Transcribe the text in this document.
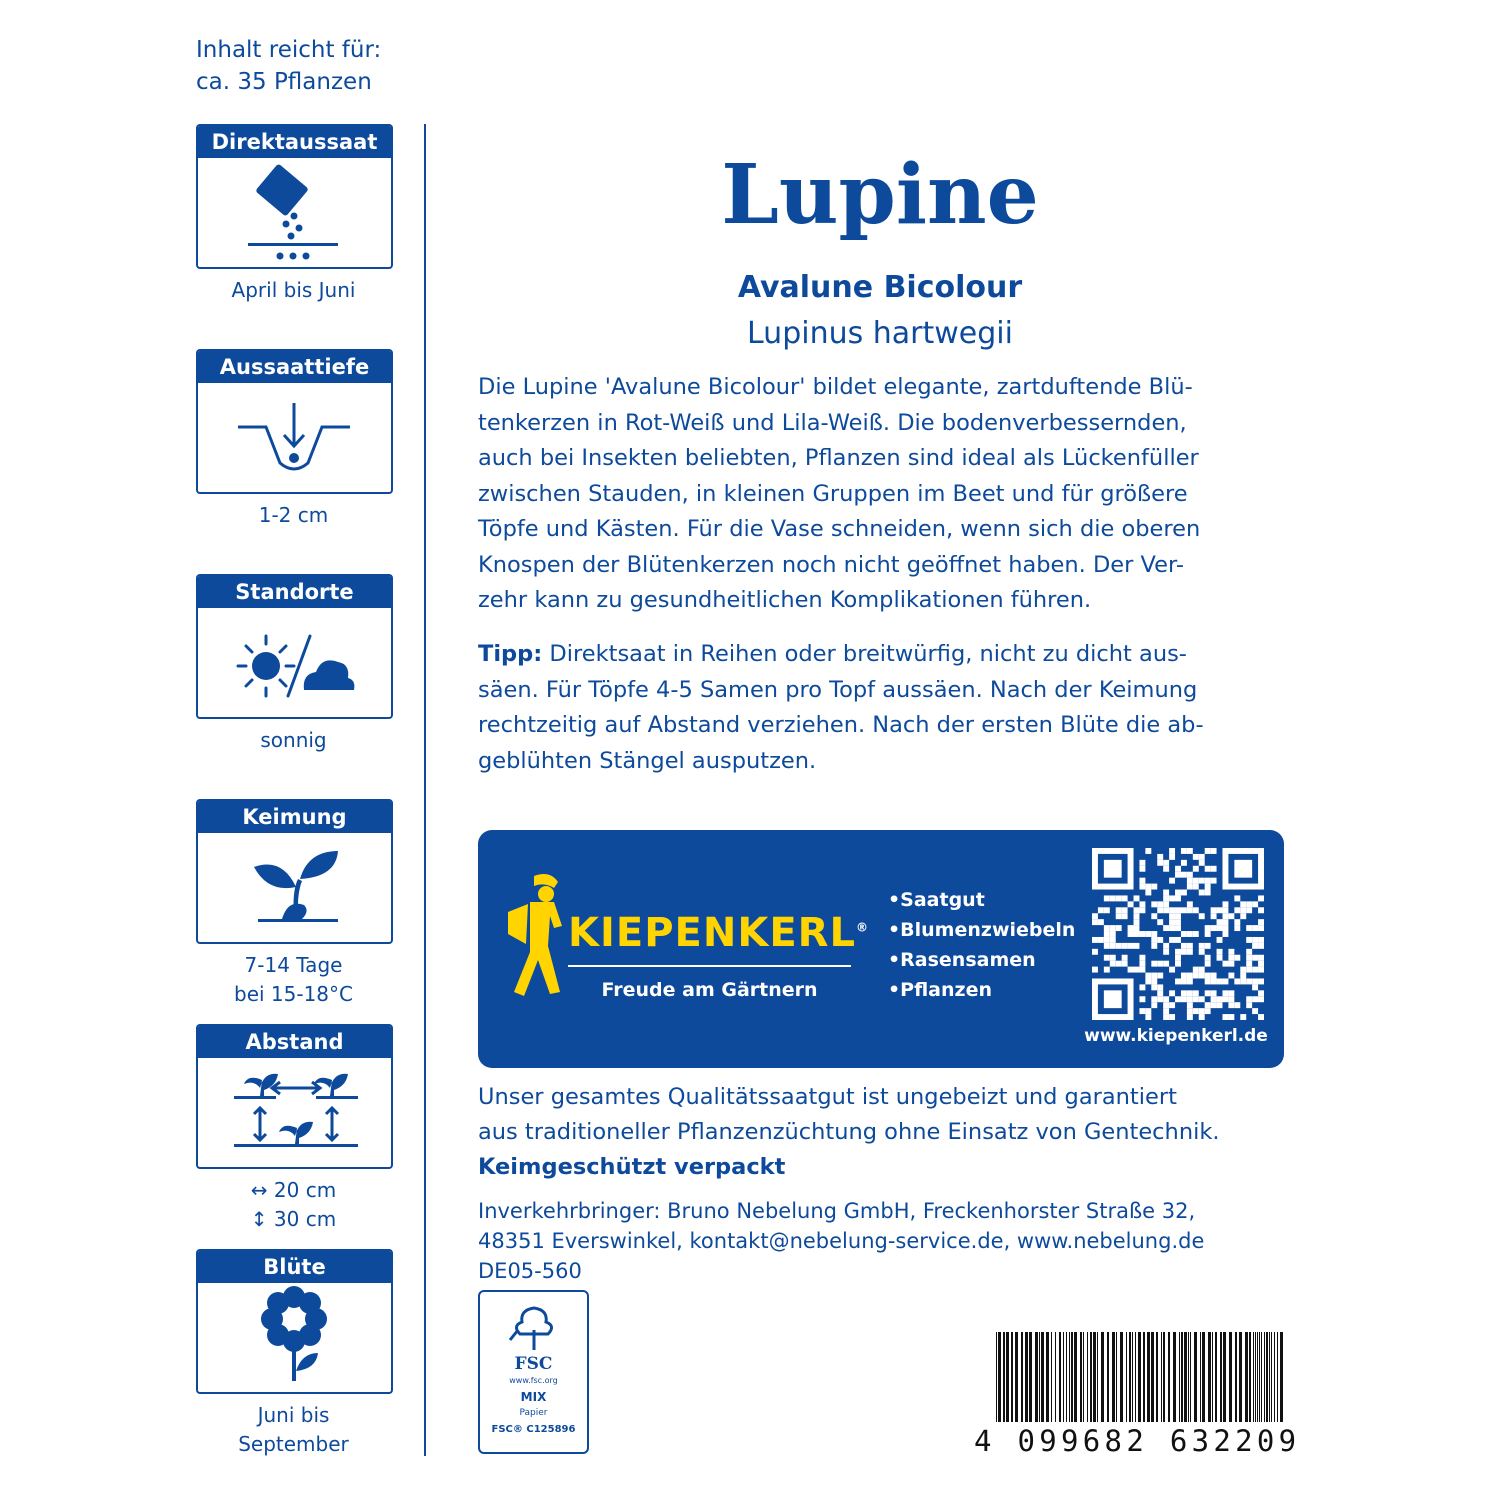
Inhalt reicht für:
ca. 35 Pflanzen
Direktaussaat
April bis Juni
Aussaattiefe
1-2 cm
Standorte
sonnig
Keimung
7-14 Tage
bei 15-18°C
Abstand
↔ 20 cm
↕ 30 cm
Blüte
Juni bis
September
Lupine
Avalune Bicolour
Lupinus hartwegii
Die Lupine 'Avalune Bicolour' bildet elegante, zartduftende Blü-
tenkerzen in Rot-Weiß und Lila-Weiß. Die bodenverbessernden,
auch bei Insekten beliebten, Pflanzen sind ideal als Lückenfüller
zwischen Stauden, in kleinen Gruppen im Beet und für größere
Töpfe und Kästen. Für die Vase schneiden, wenn sich die oberen
Knospen der Blütenkerzen noch nicht geöffnet haben. Der Ver-
zehr kann zu gesundheitlichen Komplikationen führen.
Tipp: Direktsaat in Reihen oder breitwürfig, nicht zu dicht aus-
säen. Für Töpfe 4-5 Samen pro Topf aussäen. Nach der Keimung
rechtzeitig auf Abstand verziehen. Nach der ersten Blüte die ab-
geblühten Stängel ausputzen.
KIEPENKERL®
Freude am Gärtnern
• Saatgut
• Blumenzwiebeln
• Rasensamen
• Pflanzen
www.kiepenkerl.de
Unser gesamtes Qualitätssaatgut ist ungebeizt und garantiert
aus traditioneller Pflanzenzüchtung ohne Einsatz von Gentechnik.
Keimgeschützt verpackt
Inverkehrbringer: Bruno Nebelung GmbH, Freckenhorster Straße 32,
48351 Everswinkel, kontakt@nebelung-service.de, www.nebelung.de
DE05-560
FSC
www.fsc.org
MIX
Papier
FSC® C125896	4 099682 632209
